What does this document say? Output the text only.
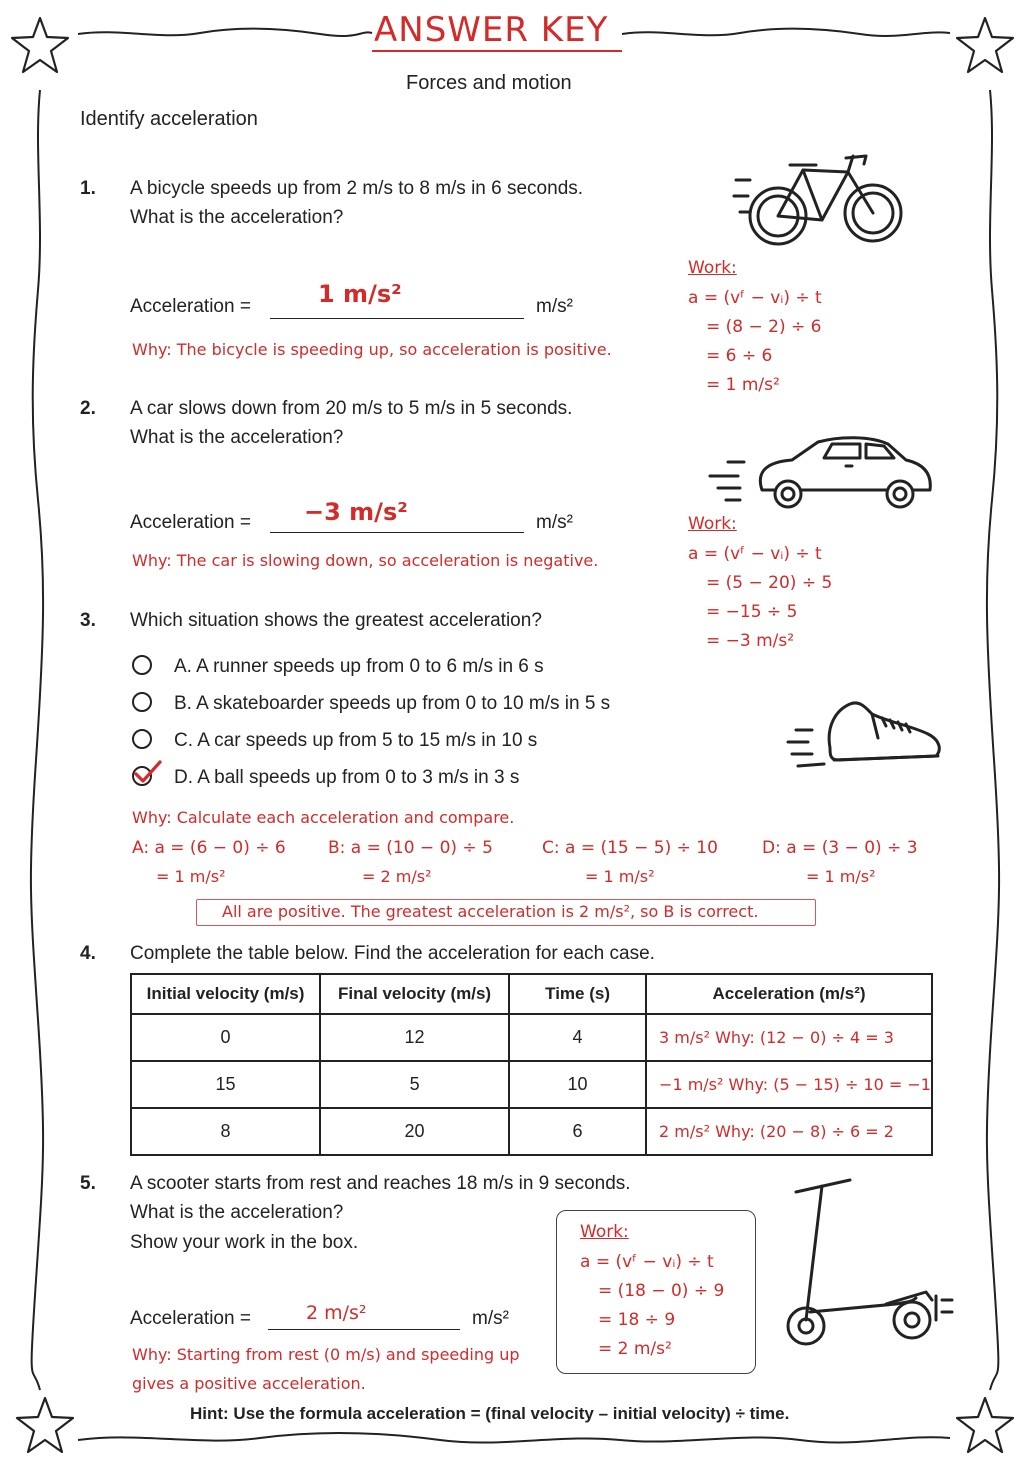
ANSWER KEY
Forces and motion
Identify acceleration
1. A bicycle speeds up from 2 m/s to 8 m/s in 6 seconds.
What is the acceleration?
Acceleration =	1 m/s²	m/s²
Why: The bicycle is speeding up, so acceleration is positive.
Work:
a = (vᶠ − vᵢ) ÷ t
= (8 − 2) ÷ 6
= 6 ÷ 6
= 1 m/s²
2. A car slows down from 20 m/s to 5 m/s in 5 seconds.
What is the acceleration?
Acceleration = −3 m/s²	m/s²
Why: The car is slowing down, so acceleration is negative.
Work:
a = (vᶠ − vᵢ) ÷ t
= (5 − 20) ÷ 5
= −15 ÷ 5
= −3 m/s²
3. Which situation shows the greatest acceleration?
A. A runner speeds up from 0 to 6 m/s in 6 s
B. A skateboarder speeds up from 0 to 10 m/s in 5 s
C. A car speeds up from 5 to 15 m/s in 10 s
D. A ball speeds up from 0 to 3 m/s in 3 s
Why: Calculate each acceleration and compare.
A: a = (6 − 0) ÷ 6
= 1 m/s²
B: a = (10 − 0) ÷ 5
= 2 m/s²
C: a = (15 − 5) ÷ 10
= 1 m/s²
D: a = (3 − 0) ÷ 3
= 1 m/s²
All are positive. The greatest acceleration is 2 m/s², so B is correct.
4. Complete the table below. Find the acceleration for each case.
Initial velocity (m/s)	Final velocity (m/s)	Time (s)	Acceleration (m/s²)
0	12	4	3 m/s² Why: (12 − 0) ÷ 4 = 3
15	5	10	−1 m/s² Why: (5 − 15) ÷ 10 = −1
8	20	6	2 m/s² Why: (20 − 8) ÷ 6 = 2
5. A scooter starts from rest and reaches 18 m/s in 9 seconds.
What is the acceleration?
Show your work in the box.
Acceleration =	2 m/s²	m/s²
Why: Starting from rest (0 m/s) and speeding up
gives a positive acceleration.
Work:
a = (vᶠ − vᵢ) ÷ t
= (18 − 0) ÷ 9
= 18 ÷ 9
= 2 m/s²
Hint: Use the formula acceleration = (final velocity – initial velocity) ÷ time.
